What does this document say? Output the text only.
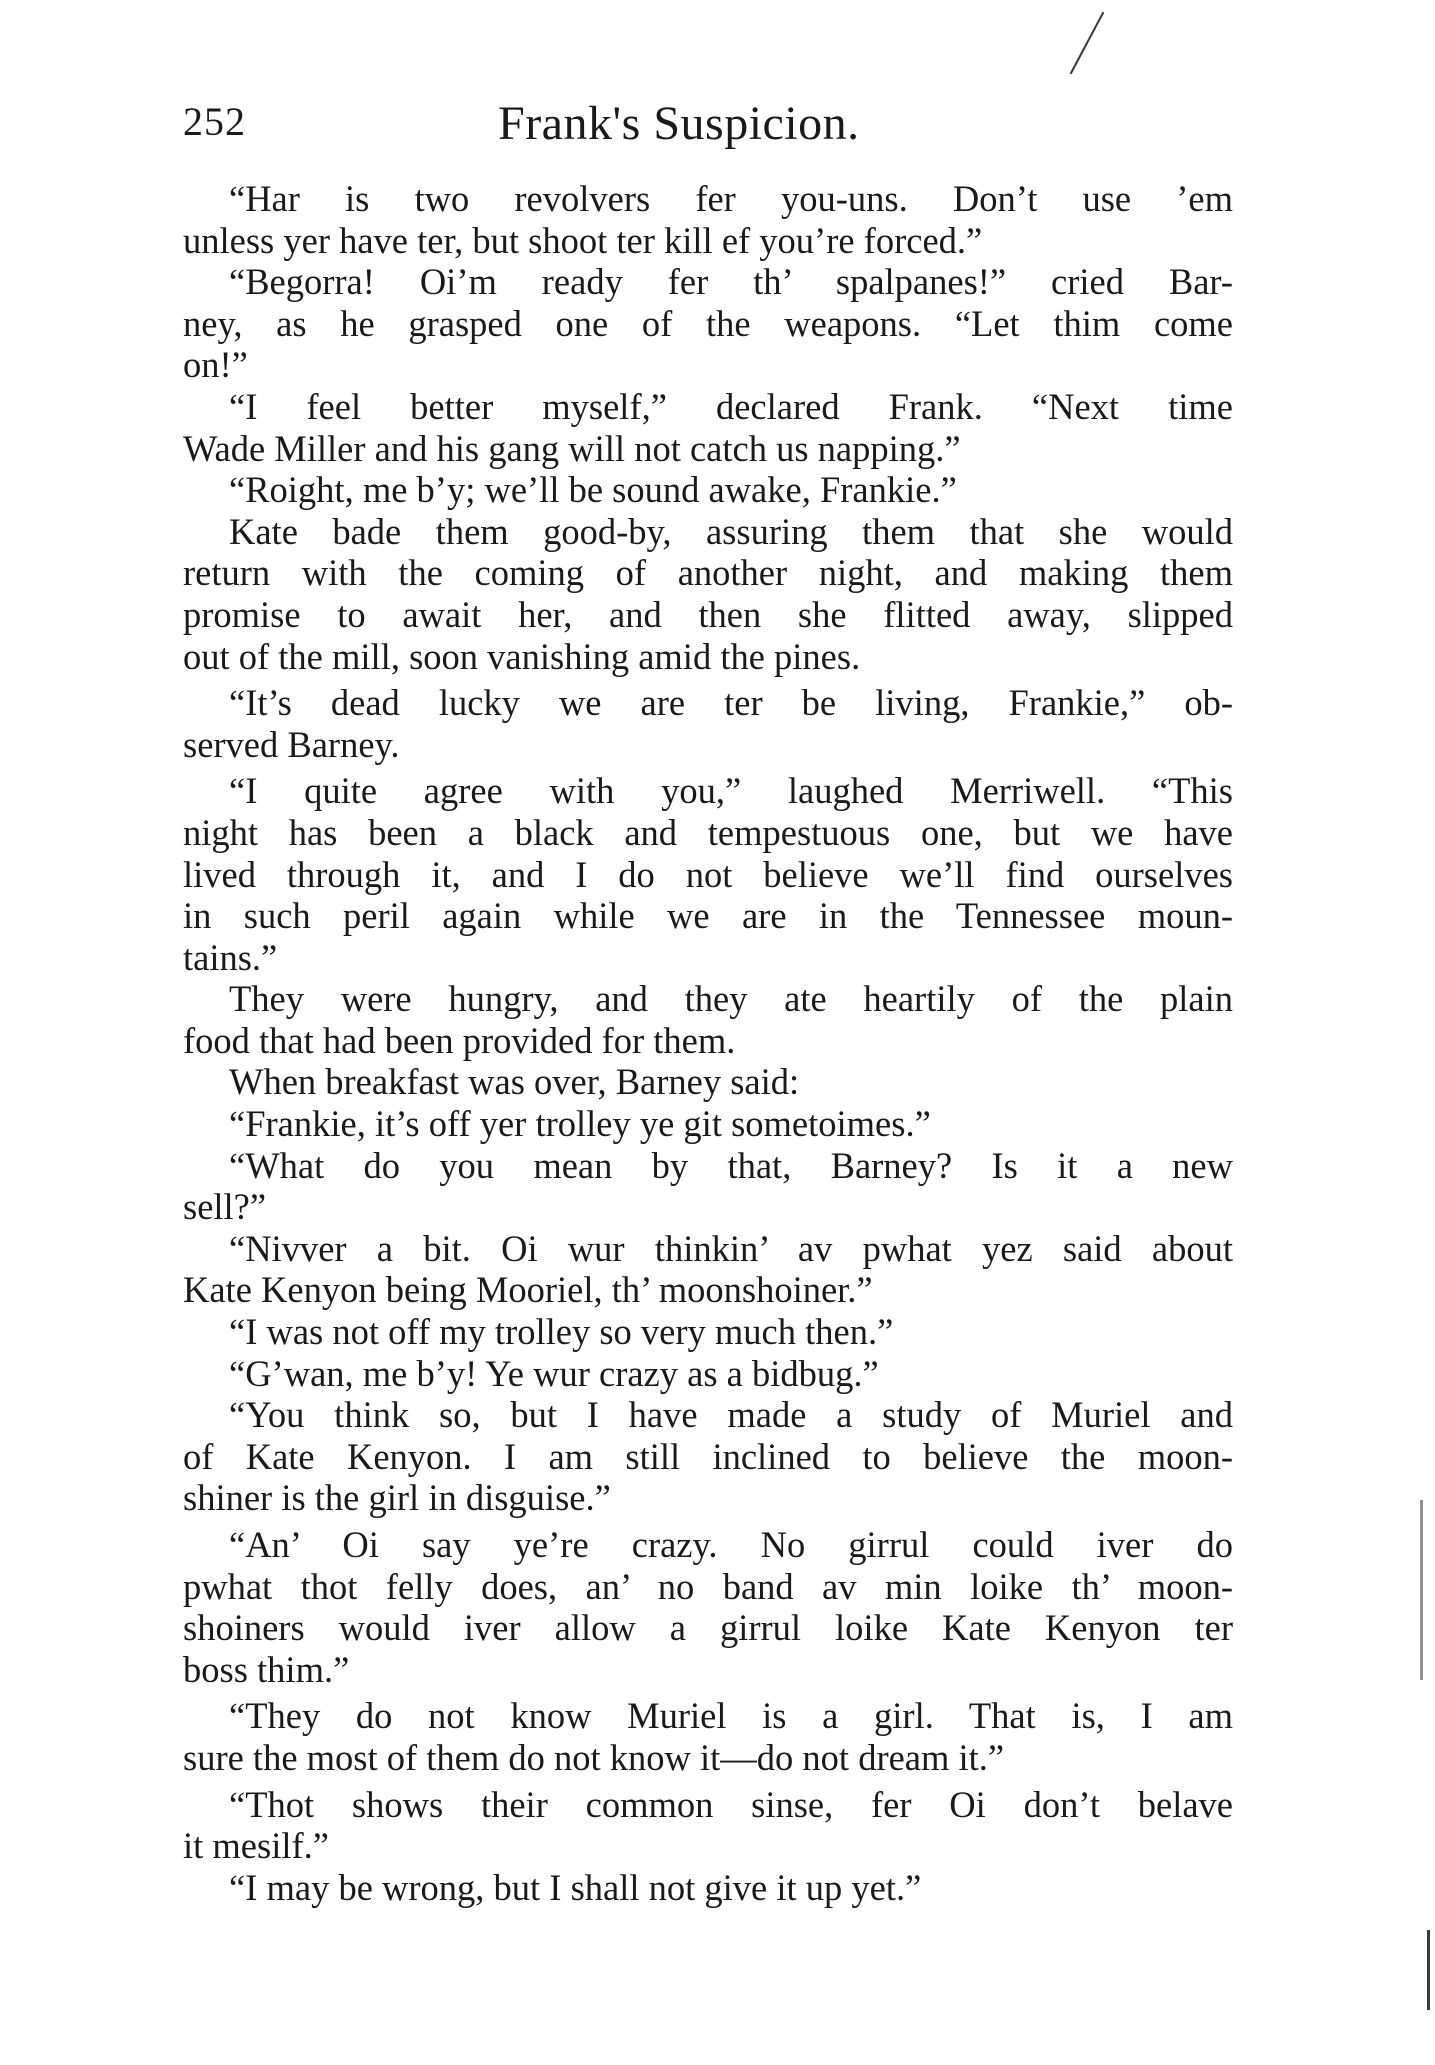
252	Frank's Suspicion.
“Har is two revolvers fer you-uns. Don’t use ’em
unless yer have ter, but shoot ter kill ef you’re forced.”
“Begorra! Oi’m ready fer th’ spalpanes!” cried Bar-
ney, as he grasped one of the weapons. “Let thim come
on!”
“I feel better myself,” declared Frank. “Next time
Wade Miller and his gang will not catch us napping.”
“Roight, me b’y; we’ll be sound awake, Frankie.”
Kate bade them good-by, assuring them that she would
return with the coming of another night, and making them
promise to await her, and then she flitted away, slipped
out of the mill, soon vanishing amid the pines.
“It’s dead lucky we are ter be living, Frankie,” ob-
served Barney.
“I quite agree with you,” laughed Merriwell. “This
night has been a black and tempestuous one, but we have
lived through it, and I do not believe we’ll find ourselves
in such peril again while we are in the Tennessee moun-
tains.”
They were hungry, and they ate heartily of the plain
food that had been provided for them.
When breakfast was over, Barney said:
“Frankie, it’s off yer trolley ye git sometoimes.”
“What do you mean by that, Barney? Is it a new
sell?”
“Nivver a bit. Oi wur thinkin’ av pwhat yez said about
Kate Kenyon being Mooriel, th’ moonshoiner.”
“I was not off my trolley so very much then.”
“G’wan, me b’y! Ye wur crazy as a bidbug.”
“You think so, but I have made a study of Muriel and
of Kate Kenyon. I am still inclined to believe the moon-
shiner is the girl in disguise.”
“An’ Oi say ye’re crazy. No girrul could iver do
pwhat thot felly does, an’ no band av min loike th’ moon-
shoiners would iver allow a girrul loike Kate Kenyon ter
boss thim.”
“They do not know Muriel is a girl. That is, I am
sure the most of them do not know it—do not dream it.”
“Thot shows their common sinse, fer Oi don’t belave
it mesilf.”
“I may be wrong, but I shall not give it up yet.”
